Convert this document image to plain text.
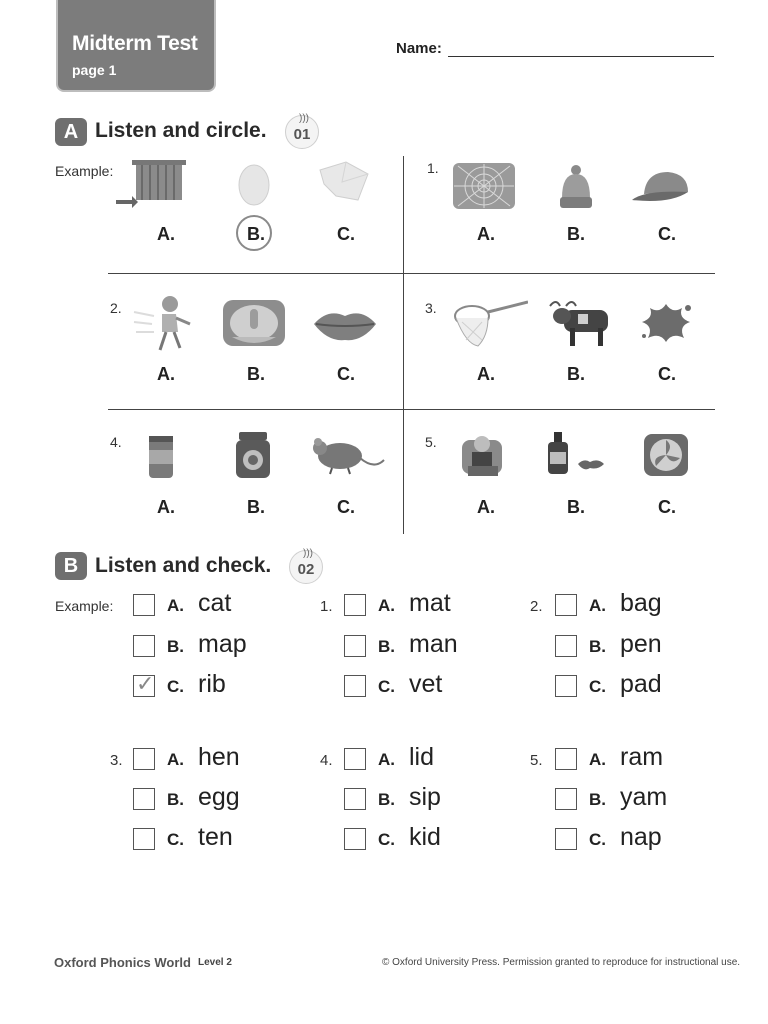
Midterm Test
page 1
Name:
A Listen and circle.
)))
01
Example:	1.
A.	B.	C.	A.	B.	C.
2.	3.
A.	B.	C.	A.	B.	C.
4.	5.
A.	B.	C.	A.	B.	C.
B Listen and check.
)))
02
Example:	A. cat
B. map
✓ C. rib
1.	A. mat
B. man
C. vet
2.	A. bag
B. pen
C. pad
3.	A. hen
B. egg
C. ten
4.	A. lid
B. sip
C. kid
5.	A. ram
B. yam
C. nap
Oxford Phonics World Level 2	© Oxford University Press. Permission granted to reproduce for instructional use.
